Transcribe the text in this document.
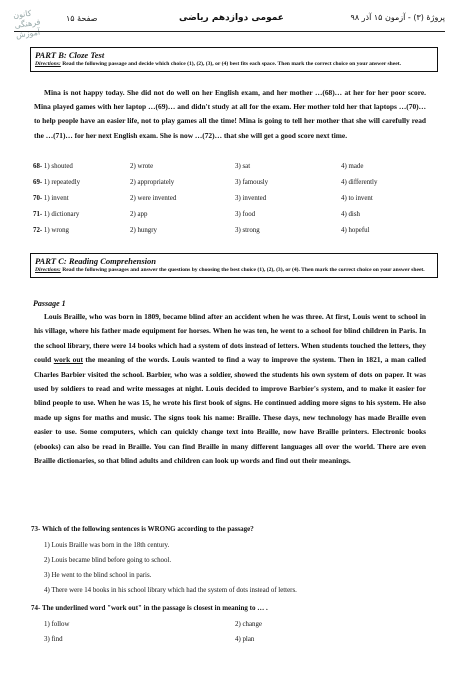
کانون فرهنگی آموزش
صفحهٔ ۱۵	عمومی دوازدهم ریاضی	پروژهٔ (۳) - آزمون ۱۵ آذر ۹۸
PART B: Cloze Test
Directions: Read the following passage and decide which choice (1), (2), (3), or (4) best fits each space. Then mark the correct choice on your answer sheet.
Mina is not happy today. She did not do well on her English exam, and her mother …(68)… at her for her poor score. Mina played games with her laptop …(69)… and didn't study at all for the exam. Her mother told her that laptops …(70)… to help people have an easier life, not to play games all the time! Mina is going to tell her mother that she will carefully read the …(71)… for her next English exam. She is now …(72)… that she will get a good score next time.
68- 1) shouted	2) wrote	3) sat	4) made
69- 1) repeatedly	2) appropriately	3) famously	4) differently
70- 1) invent	2) were invented	3) invented	4) to invent
71- 1) dictionary	2) app	3) food	4) dish
72- 1) wrong	2) hungry	3) strong	4) hopeful
PART C: Reading Comprehension
Directions: Read the following passages and answer the questions by choosing the best choice (1), (2), (3), or (4). Then mark the correct choice on your answer sheet.
Passage 1
Louis Braille, who was born in 1809, became blind after an accident when he was three. At first, Louis went to school in his village, where his father made equipment for horses. When he was ten, he went to a school for blind children in Paris. In the school library, there were 14 books which had a system of dots instead of letters. When students touched the letters, they could work out the meaning of the words. Louis wanted to find a way to improve the system. Then in 1821, a man called Charles Barbier visited the school. Barbier, who was a soldier, showed the students his own system of dots on paper. It was used by soldiers to read and write messages at night. Louis decided to improve Barbier's system, and to make it easier for blind people to use. When he was 15, he wrote his first book of signs. He continued adding more signs to his system. He also made up signs for maths and music. The signs took his name: Braille. These days, new technology has made Braille even easier to use. Some computers, which can quickly change text into Braille, now have Braille printers. Electronic books (ebooks) can also be read in Braille. You can find Braille in many different languages all over the world. There are even Braille dictionaries, so that blind adults and children can look up words and find out their meanings.
73- Which of the following sentences is WRONG according to the passage?
1) Louis Braille was born in the 18th century.
2) Louis became blind before going to school.
3) He went to the blind school in paris.
4) There were 14 books in his school library which had the system of dots instead of letters.
74- The underlined word "work out" in the passage is closest in meaning to … .
1) follow	2) change
3) find	4) plan
